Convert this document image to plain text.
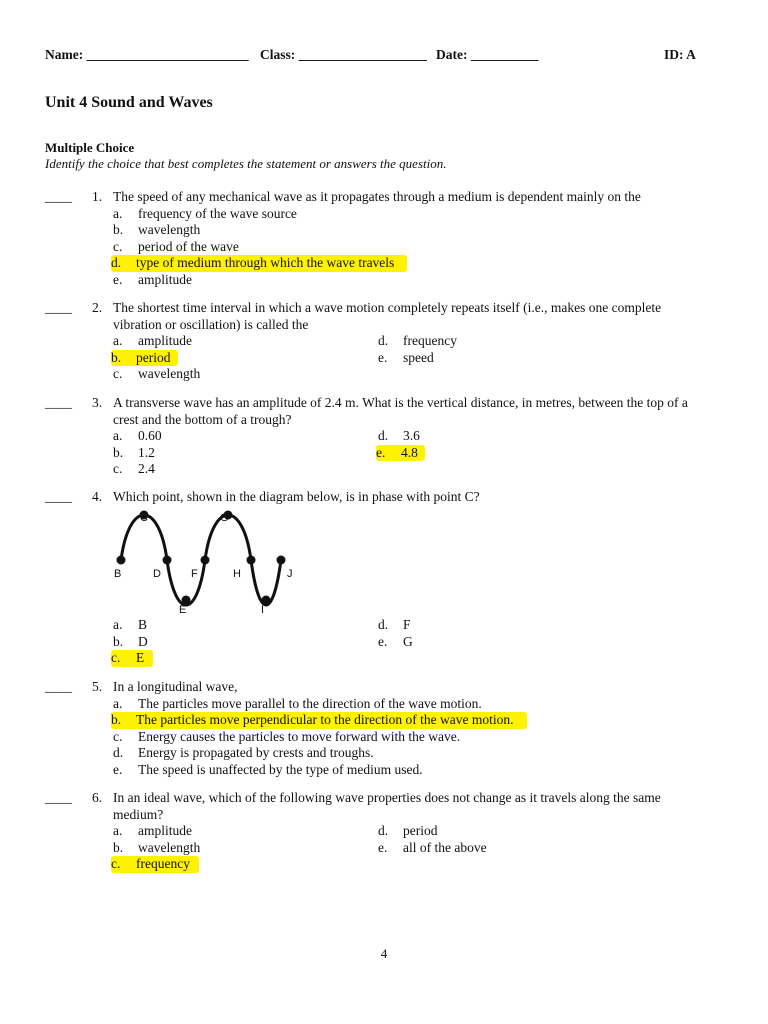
Name: ________________________ Class: ___________________ Date: __________	ID: A
Unit 4 Sound and Waves
Multiple Choice
Identify the choice that best completes the statement or answers the question.
____ 1. The speed of any mechanical wave as it propagates through a medium is dependent mainly on the
a. frequency of the wave source
b. wavelength
c. period of the wave
d. type of medium through which the wave travels
e. amplitude
____ 2. The shortest time interval in which a wave motion completely repeats itself (i.e., makes one complete vibration or oscillation) is called the
a. amplitude
b. period
c. wavelength
d. frequency
e. speed
____ 3. A transverse wave has an amplitude of 2.4 m. What is the vertical distance, in metres, between the top of a crest and the bottom of a trough?
a. 0.60
b. 1.2
c. 2.4
d. 3.6
e. 4.8
____ 4. Which point, shown in the diagram below, is in phase with point C?
a. B
b. D
c. E
d. F
e. G
B
C
D
E
F
G
H
I
J
____ 5. In a longitudinal wave,
a. The particles move parallel to the direction of the wave motion.
b. The particles move perpendicular to the direction of the wave motion.
c. Energy causes the particles to move forward with the wave.
d. Energy is propagated by crests and troughs.
e. The speed is unaffected by the type of medium used.
____ 6. In an ideal wave, which of the following wave properties does not change as it travels along the same medium?
a. amplitude
b. wavelength
c. frequency
d. period
e. all of the above
4
